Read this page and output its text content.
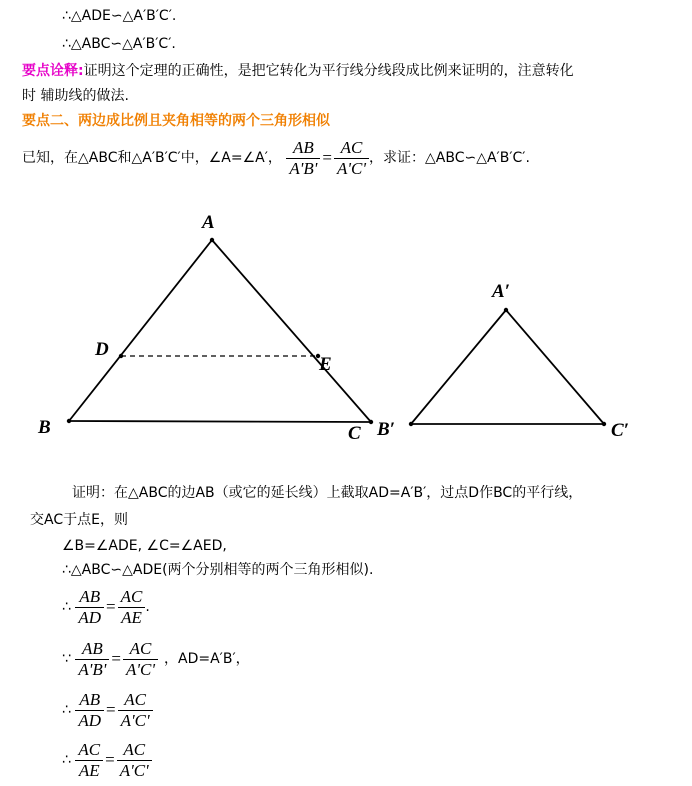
∴△ADE∽△A′B′C′.
∴△ABC∽△A′B′C′.
要点诠释:证明这个定理的正确性，是把它转化为平行线分线段成比例来证明的，注意转化
时 辅助线的做法.
要点二、两边成比例且夹角相等的两个三角形相似
已知，在△ABC和△A′B′C′中，∠A=∠A′， $\frac{AB}{A'B'} = \frac{AC}{A'C'}$ ，求证：△ABC∽△A′B′C′.
A
B	C
D
E
A′
B′	C′
证明：在△ABC的边AB（或它的延长线）上截取AD=A′B′，过点D作BC的平行线，
交AC于点E，则
∠B=∠ADE, ∠C=∠AED,
∴△ABC∽△ADE(两个分别相等的两个三角形相似).
∴ $\frac{AB}{AD} = \frac{AC}{AE}$ .
∵ $\frac{AB}{A'B'} = \frac{AC}{A'C'}$ ，AD=A′B′，
∴ $\frac{AB}{AD} = \frac{AC}{A'C'}$
∴ $\frac{AC}{AE} = \frac{AC}{A'C'}$
